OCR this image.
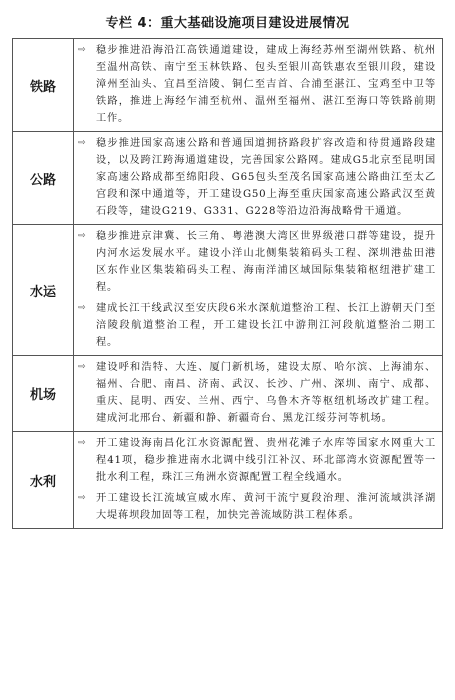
专栏 4：重大基础设施项目建设进展情况
铁路	⇨ 稳步推进沿海沿江高铁通道建设，建成上海经苏州至湖州铁路、杭州至温州高铁、南宁至玉林铁路、包头至银川高铁惠农至银川段，建设漳州至汕头、宜昌至涪陵、铜仁至吉首、合浦至湛江、宝鸡至中卫等铁路，推进上海经乍浦至杭州、温州至福州、湛江至海口等铁路前期工作。

公路	⇨ 稳步推进国家高速公路和普通国道拥挤路段扩容改造和待贯通路段建设，以及跨江跨海通道建设，完善国家公路网。建成G5北京至昆明国家高速公路成都至绵阳段、G65包头至茂名国家高速公路曲江至太乙宫段和深中通道等，开工建设G50上海至重庆国家高速公路武汉至黄石段等，建设G219、G331、G228等沿边沿海战略骨干通道。

水运	⇨ 稳步推进京津冀、长三角、粤港澳大湾区世界级港口群等建设，提升内河水运发展水平。建设小洋山北侧集装箱码头工程、深圳港盐田港区东作业区集装箱码头工程、海南洋浦区域国际集装箱枢纽港扩建工程。
⇨ 建成长江干线武汉至安庆段6米水深航道整治工程、长江上游朝天门至涪陵段航道整治工程，开工建设长江中游荆江河段航道整治二期工程。

机场	⇨ 建设呼和浩特、大连、厦门新机场，建设太原、哈尔滨、上海浦东、福州、合肥、南昌、济南、武汉、长沙、广州、深圳、南宁、成都、重庆、昆明、西安、兰州、西宁、乌鲁木齐等枢纽机场改扩建工程。建成河北邢台、新疆和静、新疆奇台、黑龙江绥芬河等机场。

水利	⇨ 开工建设海南昌化江水资源配置、贵州花滩子水库等国家水网重大工程41项，稳步推进南水北调中线引江补汉、环北部湾水资源配置等一批水利工程，珠江三角洲水资源配置工程全线通水。
⇨ 开工建设长江流域宣威水库、黄河干流宁夏段治理、淮河流域洪泽湖大堤蒋坝段加固等工程，加快完善流域防洪工程体系。
